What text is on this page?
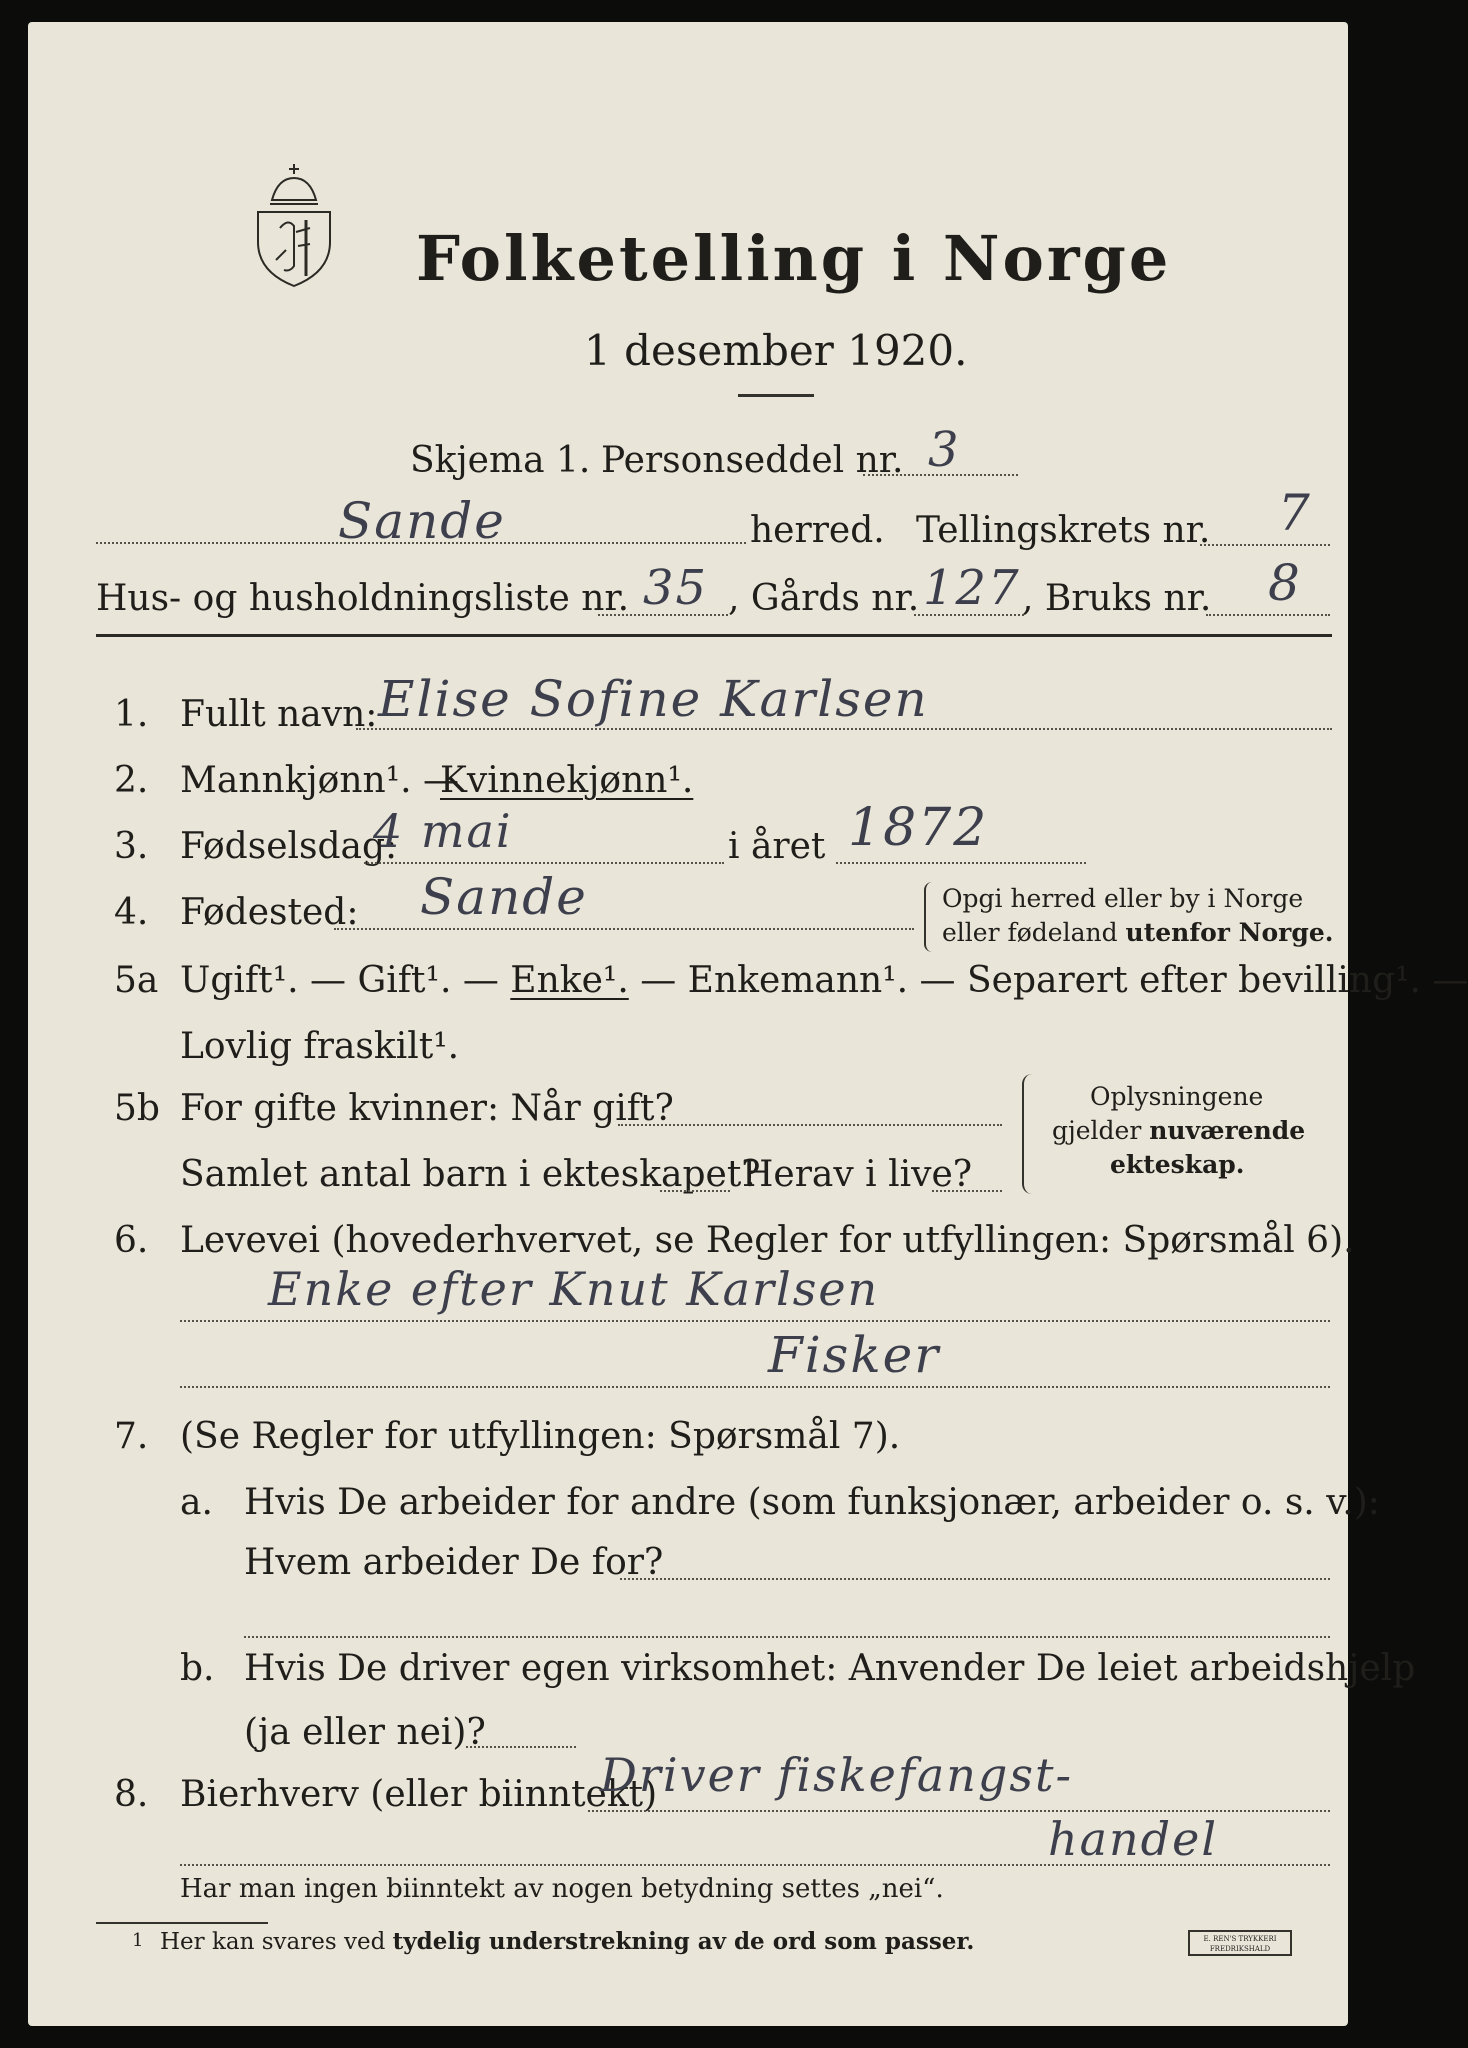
Folketelling i Norge
1 desember 1920.
Skjema 1. Personseddel nr. 3
Sande	herred. Tellingskrets nr. 7
Hus- og husholdningsliste nr. 35 , Gårds nr. 127 , Bruks nr. 8
1. Fullt navn: Elise Sofine Karlsen
2. Mannkjønn¹. —
Kvinnekjønn¹.
3. Fødselsdag:
4 mai	i året 1872
4. Fødested: Sande	Opgi herred eller by i Norge
eller fødeland utenfor Norge.
5a Ugift¹. — Gift¹. — Enke¹. — Enkemann¹. — Separert efter bevilling¹. —
Lovlig fraskilt¹.
5b For gifte kvinner: Når gift?
Samlet antal barn i ekteskapet?
Herav i live?
Oplysningene
gjelder nuværende
ekteskap.
6. Levevei (hovederhvervet, se Regler for utfyllingen: Spørsmål 6).
Enke efter Knut Karlsen
Fisker
7. (Se Regler for utfyllingen: Spørsmål 7).
a. Hvis De arbeider for andre (som funksjonær, arbeider o. s. v.):
Hvem arbeider De for?
b. Hvis De driver egen virksomhet: Anvender De leiet arbeidshjelp
(ja eller nei)?
8. Bierhverv (eller biinntekt)
Driver fiskefangst-
handel
Har man ingen biinntekt av nogen betydning settes „nei“.
1 Her kan svares ved tydelig understrekning av de ord som passer.	E. REN'S TRYKKERI
FREDRIKSHALD
